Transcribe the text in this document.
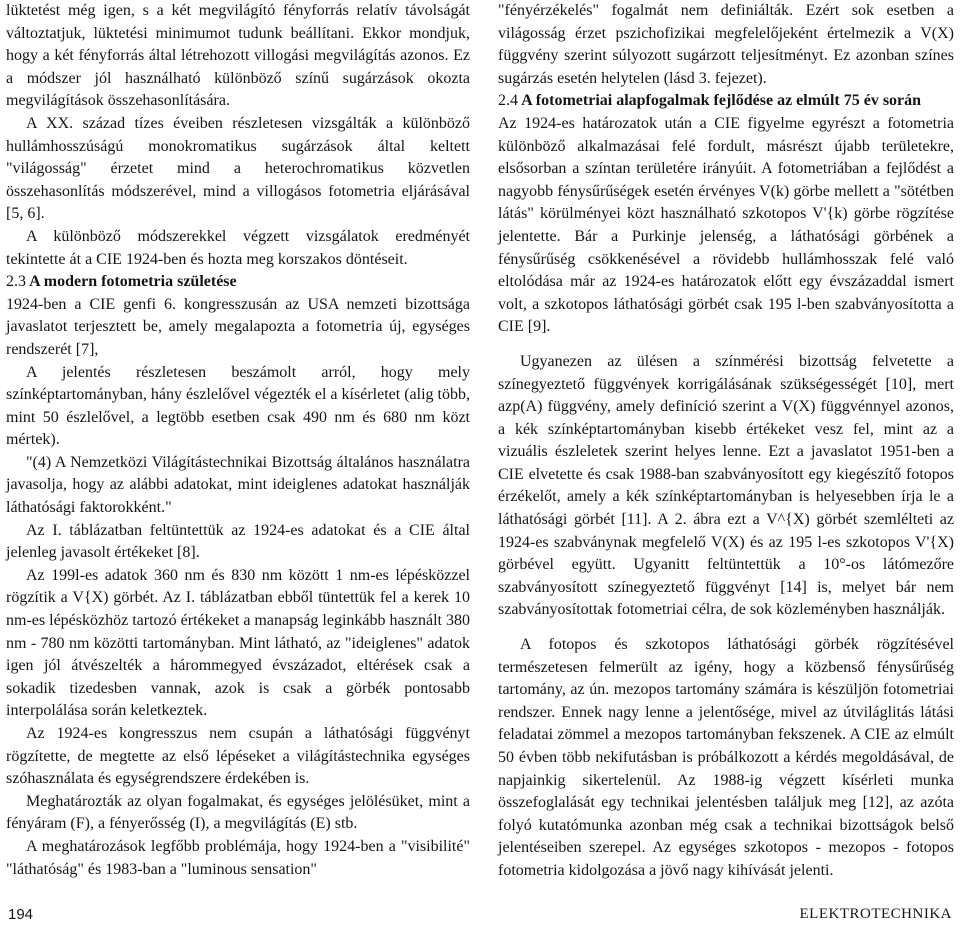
lüktetést még igen, s a két megvilágító fényforrás relatív távolságát változtatjuk, lüktetési minimumot tudunk beállítani. Ekkor mondjuk, hogy a két fényforrás által létrehozott villogási megvilágítás azonos. Ez a módszer jól használható különböző színű sugárzások okozta megvilágítások összehasonlítására.

A XX. század tízes éveiben részletesen vizsgálták a különböző hullámhosszúságú monokromatikus sugárzások által keltett "világosság" érzetet mind a heterochromatikus közvetlen összehasonlítás módszerével, mind a villogásos fotometria eljárásával [5, 6].

A különböző módszerekkel végzett vizsgálatok eredményét tekintette át a CIE 1924-ben és hozta meg korszakos döntéseit.

2.3 A modern fotometria születése

1924-ben a CIE genfi 6. kongresszusán az USA nemzeti bizottsága javaslatot terjesztett be, amely megalapozta a fotometria új, egységes rendszerét [7],

A jelentés részletesen beszámolt arról, hogy mely színképtartományban, hány észlelővel végezték el a kísérletet (alig több, mint 50 észlelővel, a legtöbb esetben csak 490 nm és 680 nm közt mértek).

"(4) A Nemzetközi Világítástechnikai Bizottság általános használatra javasolja, hogy az alábbi adatokat, mint ideiglenes adatokat használják láthatósági faktorokként."

Az I. táblázatban feltüntettük az 1924-es adatokat és a CIE által jelenleg javasolt értékeket [8].

Az 199l-es adatok 360 nm és 830 nm között 1 nm-es lépésközzel rögzítik a V{X) görbét. Az I. táblázatban ebből tüntettük fel a kerek 10 nm-es lépésközhöz tartozó értékeket a manapság leginkább használt 380 nm - 780 nm közötti tartományban. Mint látható, az "ideiglenes" adatok igen jól átvészelték a hárommegyed évszázadot, eltérések csak a sokadik tizedesben vannak, azok is csak a görbék pontosabb interpolálása során keletkeztek.

Az 1924-es kongresszus nem csupán a láthatósági függvényt rögzítette, de megtette az első lépéseket a világítástechnika egységes szóhasználata és egységrendszere érdekében is.

Meghatározták az olyan fogalmakat, és egységes jelölésüket, mint a fényáram (F), a fényerősség (I), a megvilágítás (E) stb.

A meghatározások legfőbb problémája, hogy 1924-ben a "visibilité" "láthatóság" és 1983-ban a "luminous sensation"

"fényérzékelés" fogalmát nem definiálták. Ezért sok esetben a világosság érzet pszichofizikai megfelelőjeként értelmezik a V(X) függvény szerint súlyozott sugárzott teljesítményt. Ez azonban színes sugárzás esetén helytelen (lásd 3. fejezet).

2.4 A fotometriai alapfogalmak fejlődése az elmúlt 75 év során

Az 1924-es határozatok után a CIE figyelme egyrészt a fotometria különböző alkalmazásai felé fordult, másrészt újabb területekre, elsősorban a színtan területére irányúit. A fotometriában a fejlődést a nagyobb fénysűrűségek esetén érvényes V(k) görbe mellett a "sötétben látás" körülményei közt használható szkotopos V'{k) görbe rögzítése jelentette. Bár a Purkinje jelenség, a láthatósági görbének a fénysűrűség csökkenésével a rövidebb hullámhosszak felé való eltolódása már az 1924-es határozatok előtt egy évszázaddal ismert volt, a szkotopos láthatósági görbét csak 195 l-ben szabványosította a CIE [9].

Ugyanezen az ülésen a színmérési bizottság felvetette a színegyeztető függvények korrigálásának szükségességét [10], mert azp(A) függvény, amely definíció szerint a V(X) függvénnyel azonos, a kék színképtartományban kisebb értékeket vesz fel, mint az a vizuális észleletek szerint helyes lenne. Ezt a javaslatot 1951-ben a CIE elvetette és csak 1988-ban szabványosított egy kiegészítő fotopos érzékelőt, amely a kék színképtartományban is helyesebben írja le a láthatósági görbét [11]. A 2. ábra ezt a V^{X) görbét szemlélteti az 1924-es szabványnak megfelelő V(X) és az 195 l-es szkotopos V'{X) görbével együtt. Ugyanitt feltüntettük a 10°-os látómezőre szabványosított színegyeztető függvényt [14] is, melyet bár nem szabványosítottak fotometriai célra, de sok közleményben használják.

A fotopos és szkotopos láthatósági görbék rögzítésével természetesen felmerült az igény, hogy a közbenső fénysűrűség tartomány, az ún. mezopos tartomány számára is készüljön fotometriai rendszer. Ennek nagy lenne a jelentősége, mivel az útviláglitás látási feladatai zömmel a mezopos tartományban fekszenek. A CIE az elmúlt 50 évben több nekifutásban is próbálkozott a kérdés megoldásával, de napjainkig sikertelenül. Az 1988-ig végzett kísérleti munka összefoglalását egy technikai jelentésben találjuk meg [12], az azóta folyó kutatómunka azonban még csak a technikai bizottságok belső jelentéseiben szerepel. Az egységes szkotopos - mezopos - fotopos fotometria kidolgozása a jövő nagy kihívását jelenti.

194	ELEKTROTECHNIKA
